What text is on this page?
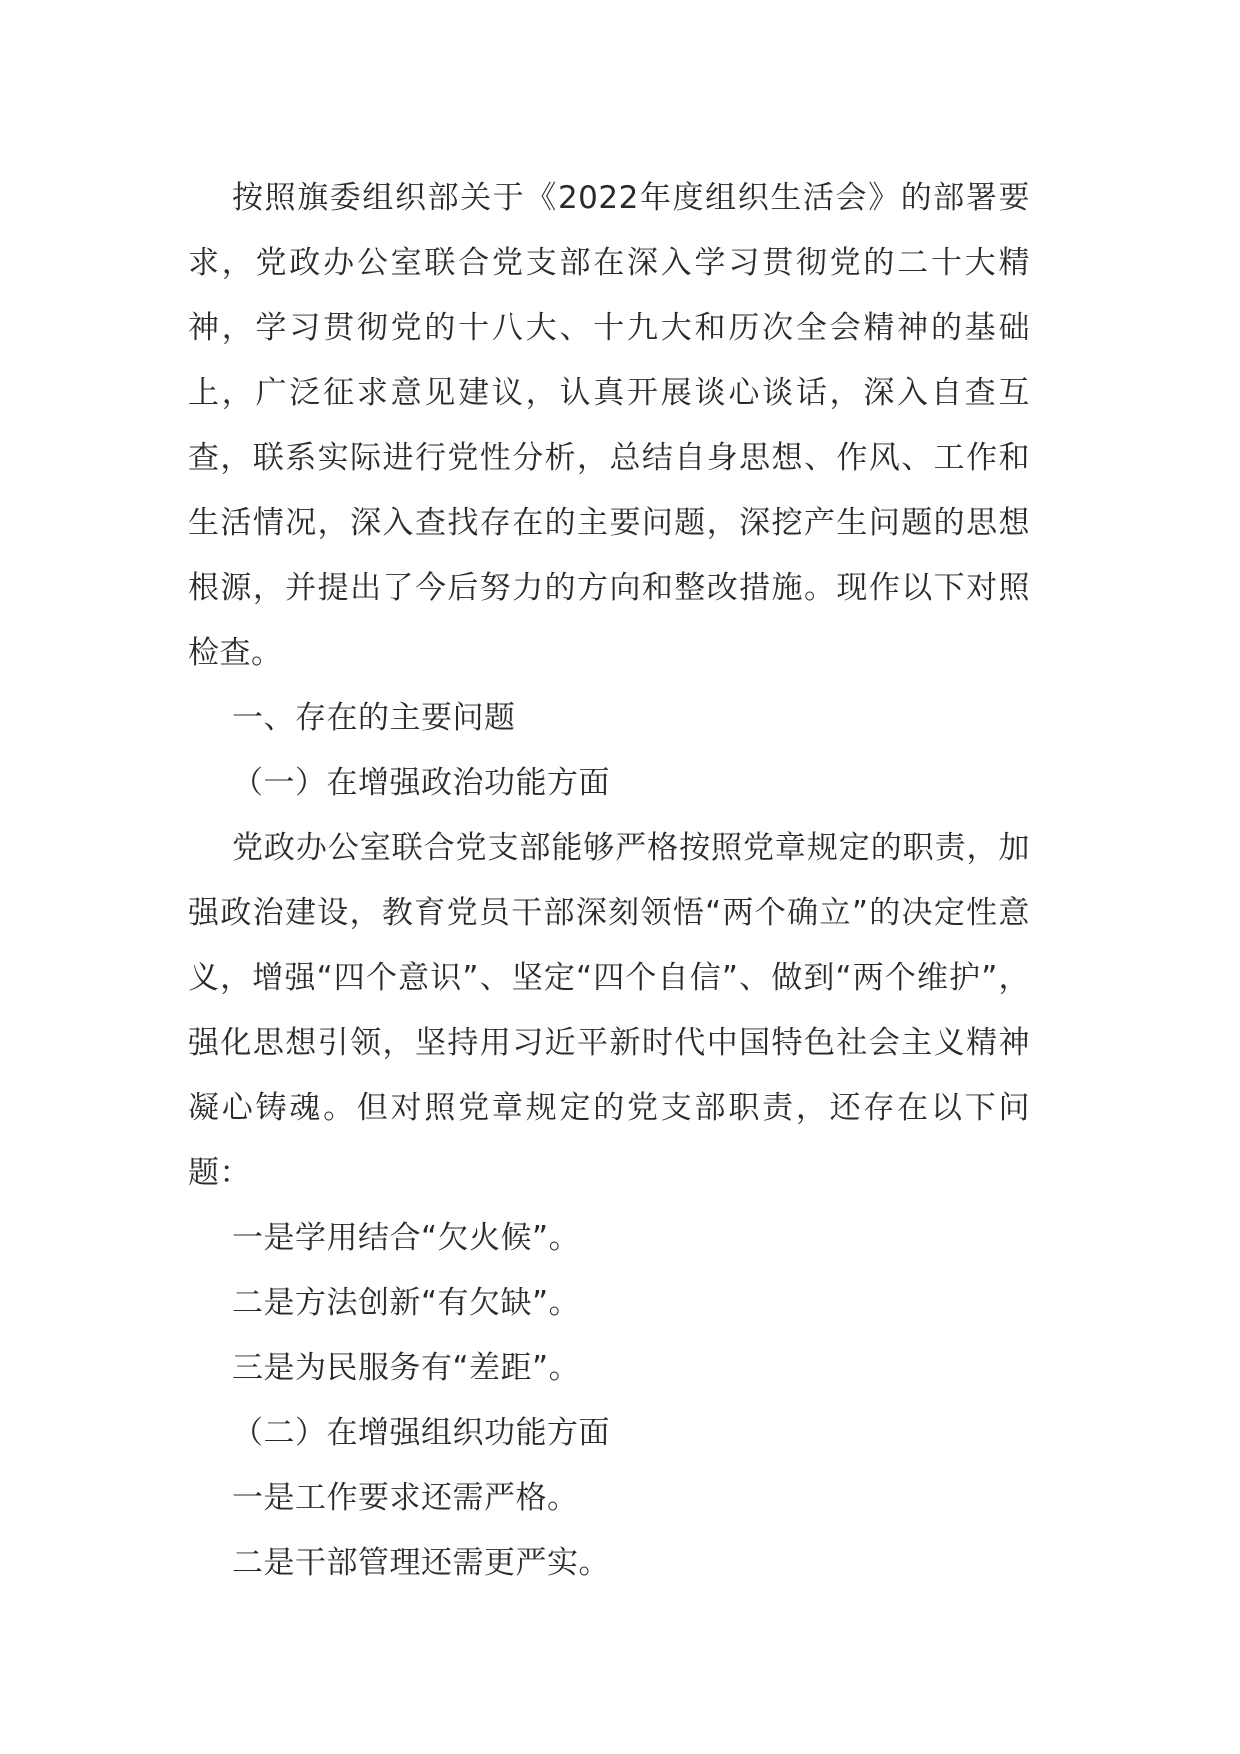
按照旗委组织部关于《2022年度组织生活会》的部署要求，党政办公室联合党支部在深入学习贯彻党的二十大精神，学习贯彻党的十八大、十九大和历次全会精神的基础上，广泛征求意见建议，认真开展谈心谈话，深入自查互查，联系实际进行党性分析，总结自身思想、作风、工作和生活情况，深入查找存在的主要问题，深挖产生问题的思想根源，并提出了今后努力的方向和整改措施。现作以下对照检查。

一、存在的主要问题

（一）在增强政治功能方面

党政办公室联合党支部能够严格按照党章规定的职责，加强政治建设，教育党员干部深刻领悟“两个确立”的决定性意义，增强“四个意识”、坚定“四个自信”、做到“两个维护”，强化思想引领，坚持用习近平新时代中国特色社会主义精神凝心铸魂。但对照党章规定的党支部职责，还存在以下问题：

一是学用结合“欠火候”。

二是方法创新“有欠缺”。

三是为民服务有“差距”。

（二）在增强组织功能方面

一是工作要求还需严格。

二是干部管理还需更严实。
